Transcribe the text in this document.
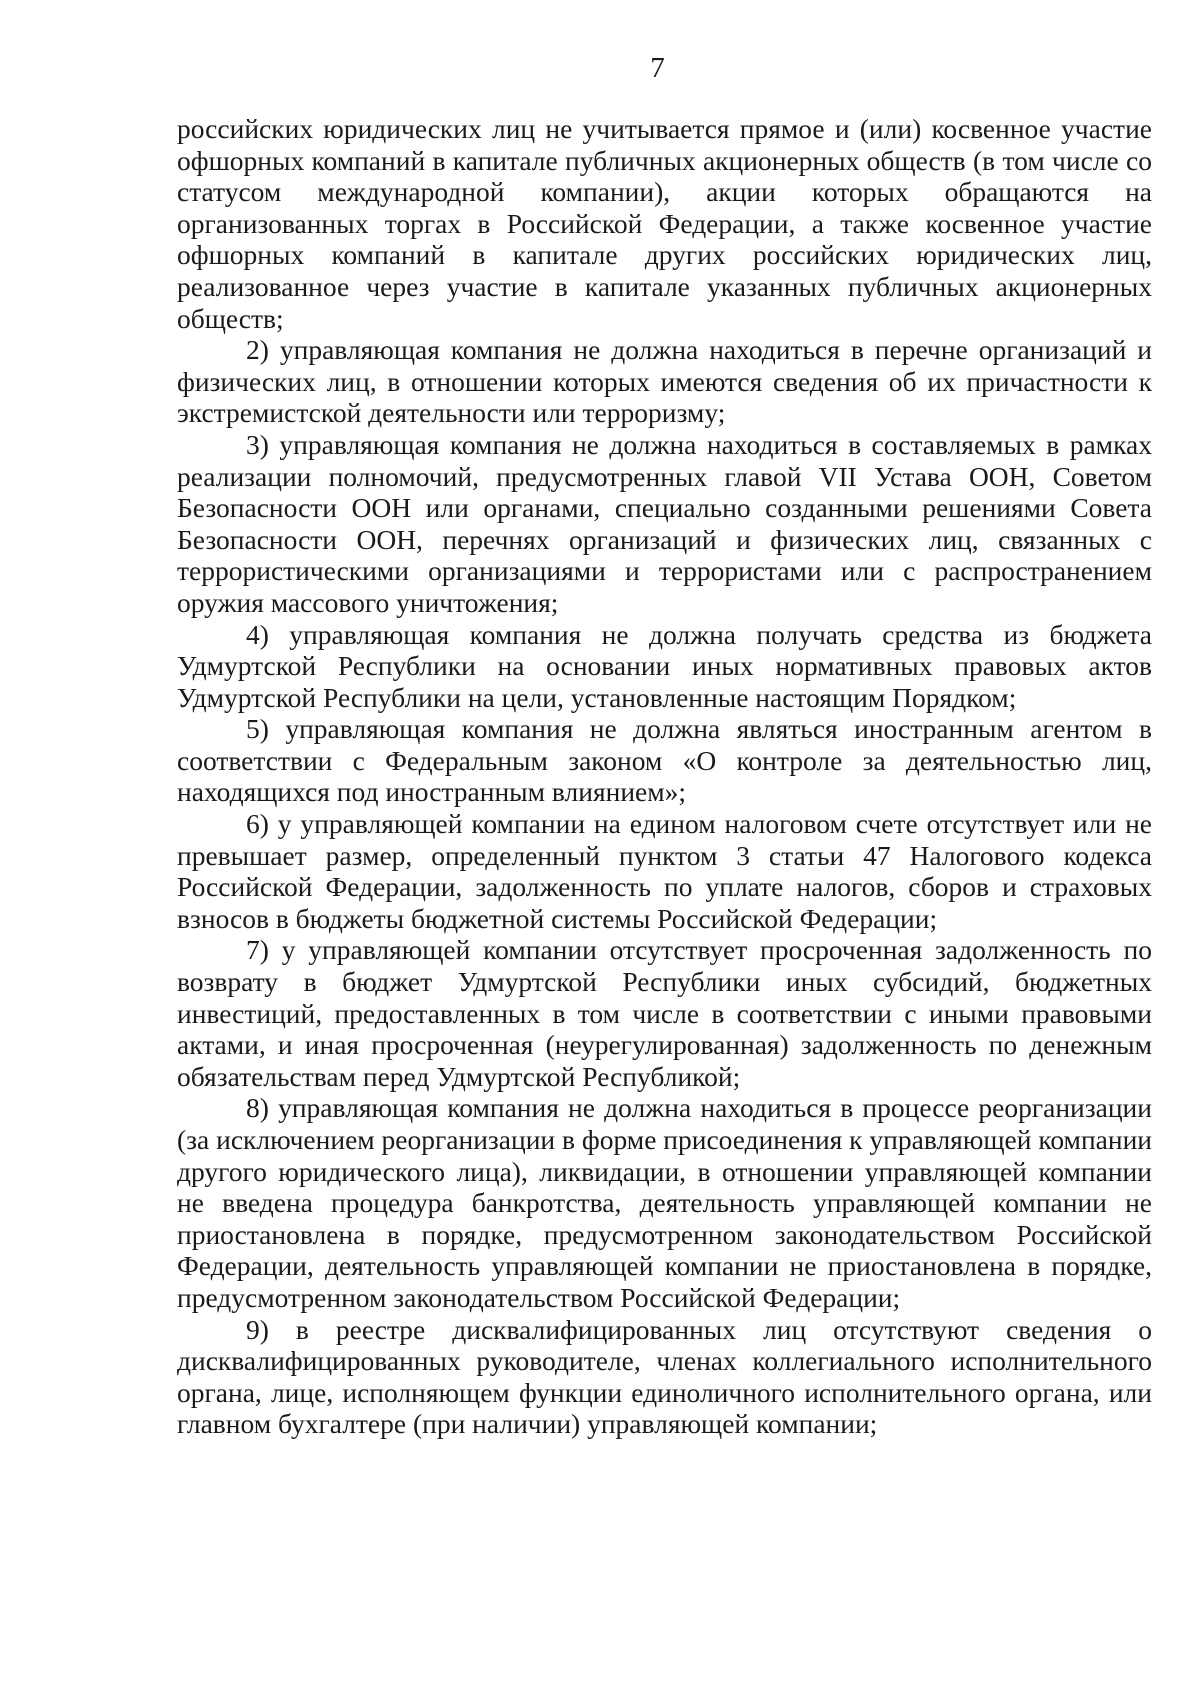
7

российских юридических лиц не учитывается прямое и (или) косвенное участие офшорных компаний в капитале публичных акционерных обществ (в том числе со статусом международной компании), акции которых обращаются на организованных торгах в Российской Федерации, а также косвенное участие офшорных компаний в капитале других российских юридических лиц, реализованное через участие в капитале указанных публичных акционерных обществ;

2) управляющая компания не должна находиться в перечне организаций и физических лиц, в отношении которых имеются сведения об их причастности к экстремистской деятельности или терроризму;

3) управляющая компания не должна находиться в составляемых в рамках реализации полномочий, предусмотренных главой VII Устава ООН, Советом Безопасности ООН или органами, специально созданными решениями Совета Безопасности ООН, перечнях организаций и физических лиц, связанных с террористическими организациями и террористами или с распространением оружия массового уничтожения;

4) управляющая компания не должна получать средства из бюджета Удмуртской Республики на основании иных нормативных правовых актов Удмуртской Республики на цели, установленные настоящим Порядком;

5) управляющая компания не должна являться иностранным агентом в соответствии с Федеральным законом «О контроле за деятельностью лиц, находящихся под иностранным влиянием»;

6) у управляющей компании на едином налоговом счете отсутствует или не превышает размер, определенный пунктом 3 статьи 47 Налогового кодекса Российской Федерации, задолженность по уплате налогов, сборов и страховых взносов в бюджеты бюджетной системы Российской Федерации;

7) у управляющей компании отсутствует просроченная задолженность по возврату в бюджет Удмуртской Республики иных субсидий, бюджетных инвестиций, предоставленных в том числе в соответствии с иными правовыми актами, и иная просроченная (неурегулированная) задолженность по денежным обязательствам перед Удмуртской Республикой;

8) управляющая компания не должна находиться в процессе реорганизации (за исключением реорганизации в форме присоединения к управляющей компании другого юридического лица), ликвидации, в отношении управляющей компании не введена процедура банкротства, деятельность управляющей компании не приостановлена в порядке, предусмотренном законодательством Российской Федерации, деятельность управляющей компании не приостановлена в порядке, предусмотренном законодательством Российской Федерации;

9) в реестре дисквалифицированных лиц отсутствуют сведения о дисквалифицированных руководителе, членах коллегиального исполнительного органа, лице, исполняющем функции единоличного исполнительного органа, или главном бухгалтере (при наличии) управляющей компании;
